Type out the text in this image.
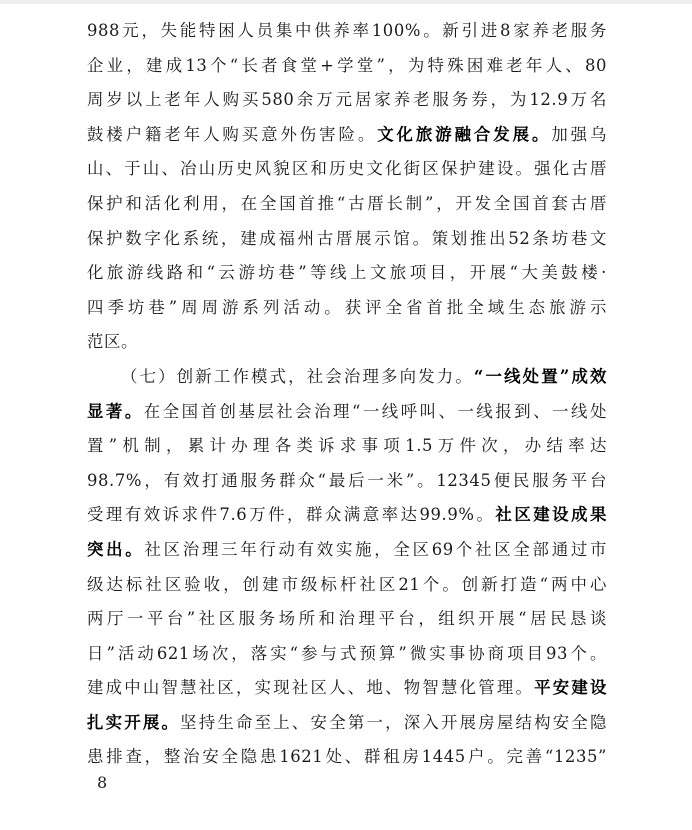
988元，失能特困人员集中供养率100%。新引进8家养老服务
企业，建成13个“长者食堂+学堂”，为特殊困难老年人、80
周岁以上老年人购买580余万元居家养老服务券，为12.9万名
鼓楼户籍老年人购买意外伤害险。文化旅游融合发展。加强乌
山、于山、冶山历史风貌区和历史文化街区保护建设。强化古厝
保护和活化利用，在全国首推“古厝长制”，开发全国首套古厝
保护数字化系统，建成福州古厝展示馆。策划推出52条坊巷文
化旅游线路和“云游坊巷”等线上文旅项目，开展“大美鼓楼·
四季坊巷”周周游系列活动。获评全省首批全域生态旅游示
范区。
（七）创新工作模式，社会治理多向发力。“一线处置”成效
显著。在全国首创基层社会治理“一线呼叫、一线报到、一线处
置”机制，累计办理各类诉求事项1.5万件次，办结率达
98.7%，有效打通服务群众“最后一米”。12345便民服务平台
受理有效诉求件7.6万件，群众满意率达99.9%。社区建设成果
突出。社区治理三年行动有效实施，全区69个社区全部通过市
级达标社区验收，创建市级标杆社区21个。创新打造“两中心
两厅一平台”社区服务场所和治理平台，组织开展“居民恳谈
日”活动621场次，落实“参与式预算”微实事协商项目93个。
建成中山智慧社区，实现社区人、地、物智慧化管理。平安建设
扎实开展。坚持生命至上、安全第一，深入开展房屋结构安全隐
患排查，整治安全隐患1621处、群租房1445户。完善“1235”
8
